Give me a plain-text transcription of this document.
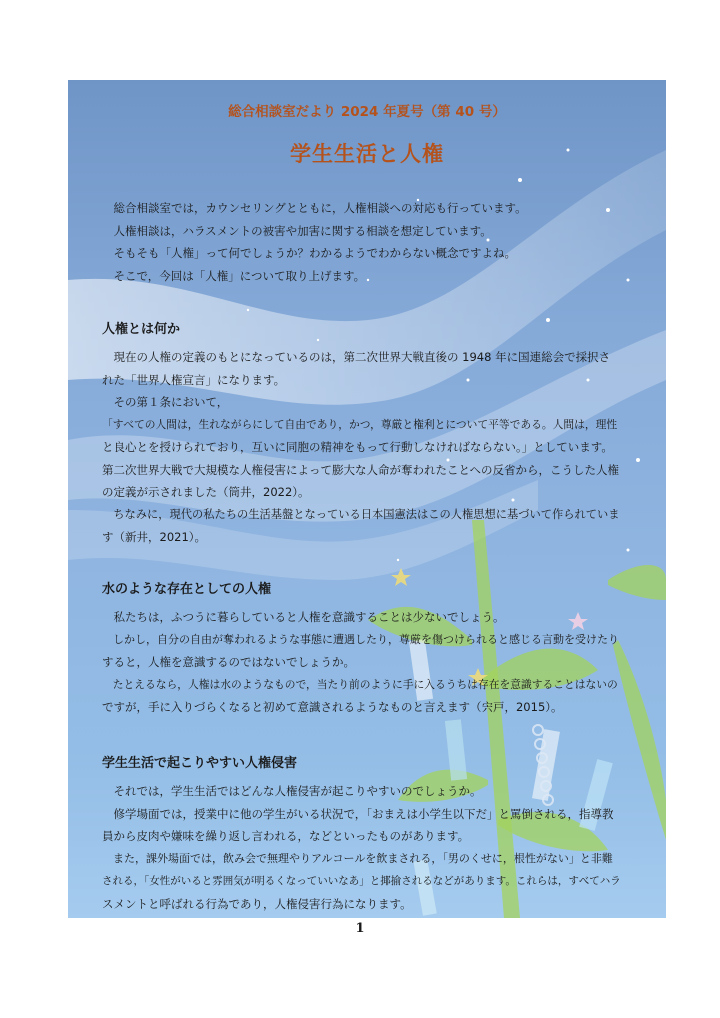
総合相談室だより 2024 年夏号（第 40 号）
学生生活と人権

総合相談室では，カウンセリングとともに，人権相談への対応も行っています。

人権相談は，ハラスメントの被害や加害に関する相談を想定しています。

そもそも「人権」って何でしょうか？わかるようでわからない概念ですよね。

そこで，今回は「人権」について取り上げます。

人権とは何か

現在の人権の定義のもとになっているのは，第二次世界大戦直後の 1948 年に国連総会で採択さ

れた「世界人権宣言」になります。

その第１条において，

「すべての人間は，生れながらにして自由であり，かつ，尊厳と権利とについて平等である。人間は，理性

と良心とを授けられており，互いに同胞の精神をもって行動しなければならない。」としています。

第二次世界大戦で大規模な人権侵害によって膨大な人命が奪われたことへの反省から，こうした人権

の定義が示されました（筒井，2022）。

ちなみに，現代の私たちの生活基盤となっている日本国憲法はこの人権思想に基づいて作られていま

す（新井，2021）。

水のような存在としての人権

私たちは，ふつうに暮らしていると人権を意識することは少ないでしょう。

しかし，自分の自由が奪われるような事態に遭遇したり，尊厳を傷つけられると感じる言動を受けたり

すると，人権を意識するのではないでしょうか。

たとえるなら，人権は水のようなもので，当たり前のように手に入るうちは存在を意識することはないの

ですが，手に入りづらくなると初めて意識されるようなものと言えます（宍戸，2015）。

学生生活で起こりやすい人権侵害

それでは，学生生活ではどんな人権侵害が起こりやすいのでしょうか。

修学場面では，授業中に他の学生がいる状況で，「おまえは小学生以下だ」と罵倒される，指導教

員から皮肉や嫌味を繰り返し言われる，などといったものがあります。

また，課外場面では，飲み会で無理やりアルコールを飲まされる，「男のくせに，根性がない」と非難

される，「女性がいると雰囲気が明るくなっていいなあ」と揶揄されるなどがあります。これらは，すべてハラ

スメントと呼ばれる行為であり，人権侵害行為になります。

1
